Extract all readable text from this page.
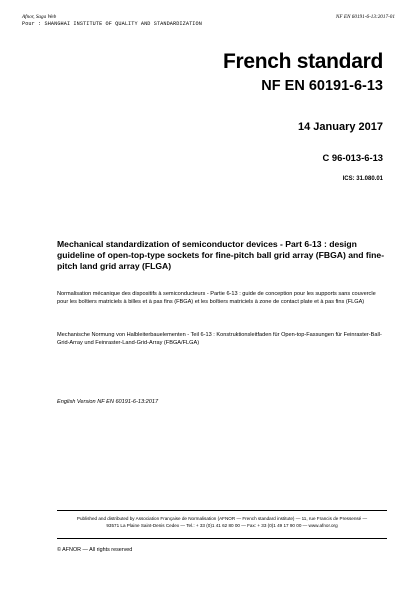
Afnor, Saga Web
Pour : SHANGHAI INSTITUTE OF QUALITY AND STANDARDIZATION
NF EN 60191-6-13:2017-01
French standard
NF EN 60191-6-13
14 January 2017
C 96-013-6-13
ICS: 31.080.01
Mechanical standardization of semiconductor devices - Part 6-13 : design guideline of open-top-type sockets for fine-pitch ball grid array (FBGA) and fine-pitch land grid array (FLGA)
Normalisation mécanique des dispositifs à semiconducteurs - Partie 6-13 : guide de conception pour les supports sans couvercle pour les boîtiers matriciels à billes et à pas fins (FBGA) et les boîtiers matriciels à zone de contact plate et à pas fins (FLGA)
Mechanische Normung von Halbleiterbauelementen - Teil 6-13 : Konstruktionsleitfaden für Open-top-Fassungen für Feinraster-Ball-Grid-Array und Feinraster-Land-Grid-Array (FBGA/FLGA)
English Version NF EN 60191-6-13:2017
Published and distributed by Association Française de Normalisation (AFNOR — French standard institute) — 11, rue Francis de Pressensé —
93571 La Plaine Saint-Denis Cedex — Tel.: + 33 (0)1 41 62 80 00 — Fax: + 33 (0)1 49 17 90 00 — www.afnor.org
© AFNOR — All rights reserved
